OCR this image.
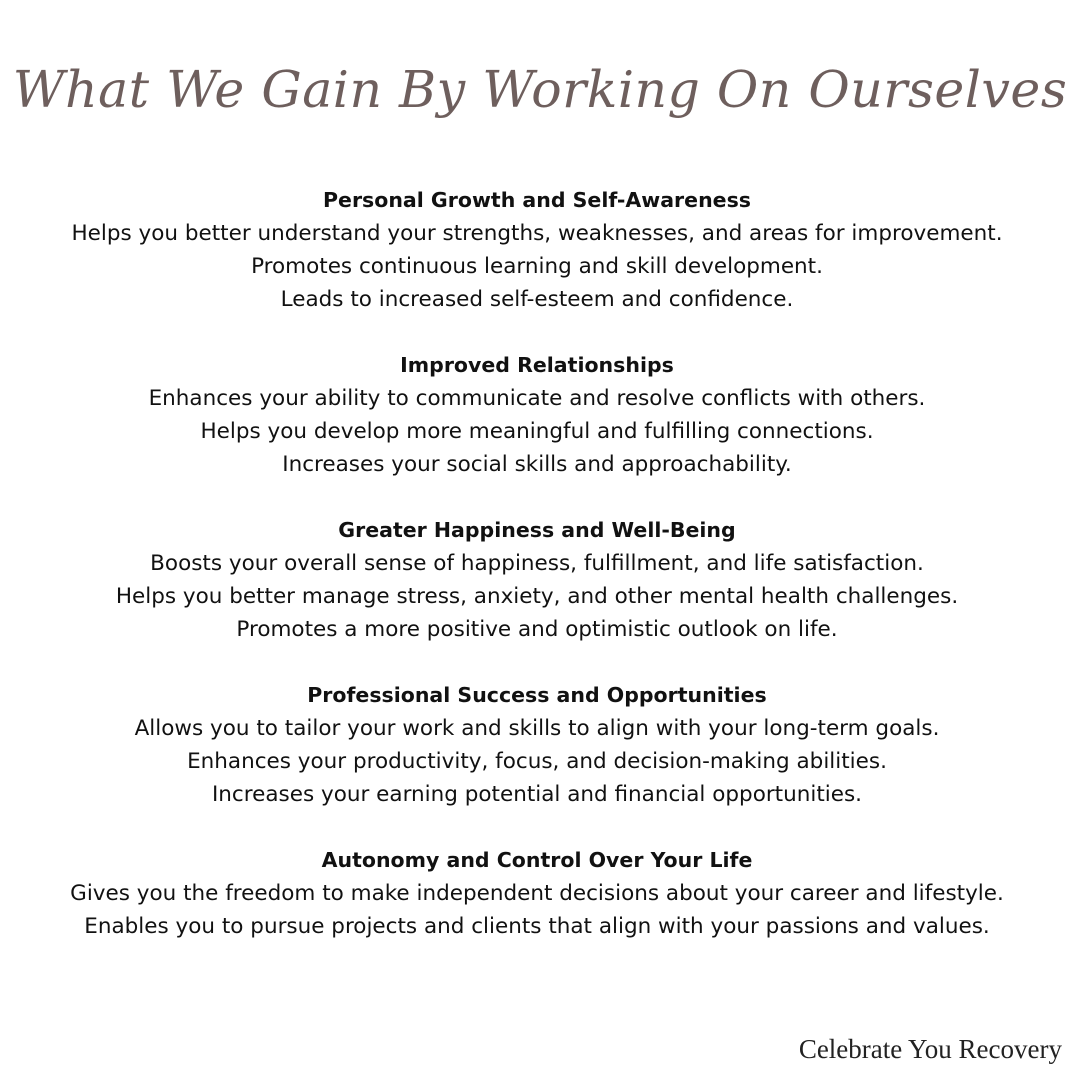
What We Gain By Working On Ourselves
Personal Growth and Self-Awareness
Helps you better understand your strengths, weaknesses, and areas for improvement.
Promotes continuous learning and skill development.
Leads to increased self-esteem and confidence.
Improved Relationships
Enhances your ability to communicate and resolve conflicts with others.
Helps you develop more meaningful and fulfilling connections.
Increases your social skills and approachability.
Greater Happiness and Well-Being
Boosts your overall sense of happiness, fulfillment, and life satisfaction.
Helps you better manage stress, anxiety, and other mental health challenges.
Promotes a more positive and optimistic outlook on life.
Professional Success and Opportunities
Allows you to tailor your work and skills to align with your long-term goals.
Enhances your productivity, focus, and decision-making abilities.
Increases your earning potential and financial opportunities.
Autonomy and Control Over Your Life
Gives you the freedom to make independent decisions about your career and lifestyle.
Enables you to pursue projects and clients that align with your passions and values.
Celebrate You Recovery
